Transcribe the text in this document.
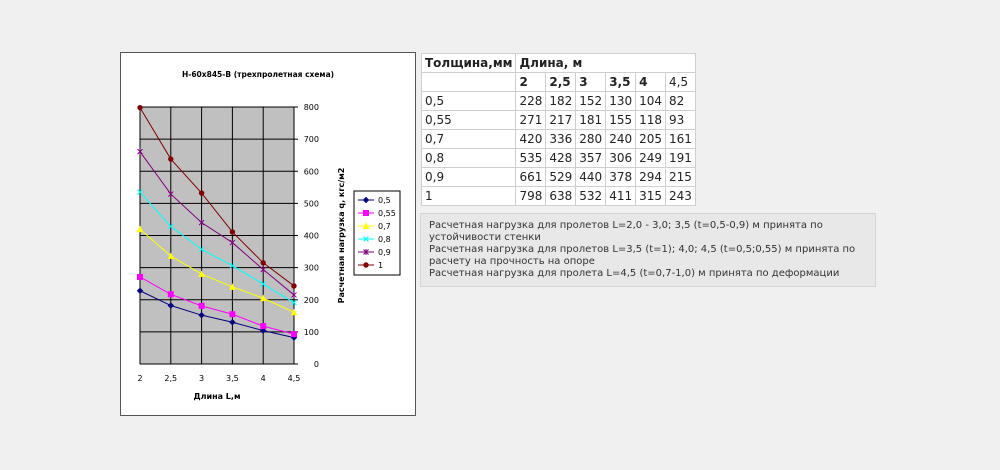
Н-60х845-В (трехпролетная схема)
0
100
200
300
400
500
600
700
800
2	2,5	3	3,5	4	4,5
Длина L,м
Расчетная нагрузка q, кгс/м2	0,5
0,55
0,7
0,8
0,9
1
Толщина,мм	Длина, м					
	2	2,5	3	3,5	4	4,5
0,5	228	182	152	130	104	82
0,55	271	217	181	155	118	93
0,7	420	336	280	240	205	161
0,8	535	428	357	306	249	191
0,9	661	529	440	378	294	215
1	798	638	532	411	315	243
Расчетная нагрузка для пролетов L=2,0 - 3,0; 3,5 (t=0,5-0,9) м принята по устойчивости стенки
Расчетная нагрузка для пролетов L=3,5 (t=1); 4,0; 4,5 (t=0,5;0,55) м принята по расчету на прочность на опоре
Расчетная нагрузка для пролета L=4,5 (t=0,7-1,0) м принята по деформации
